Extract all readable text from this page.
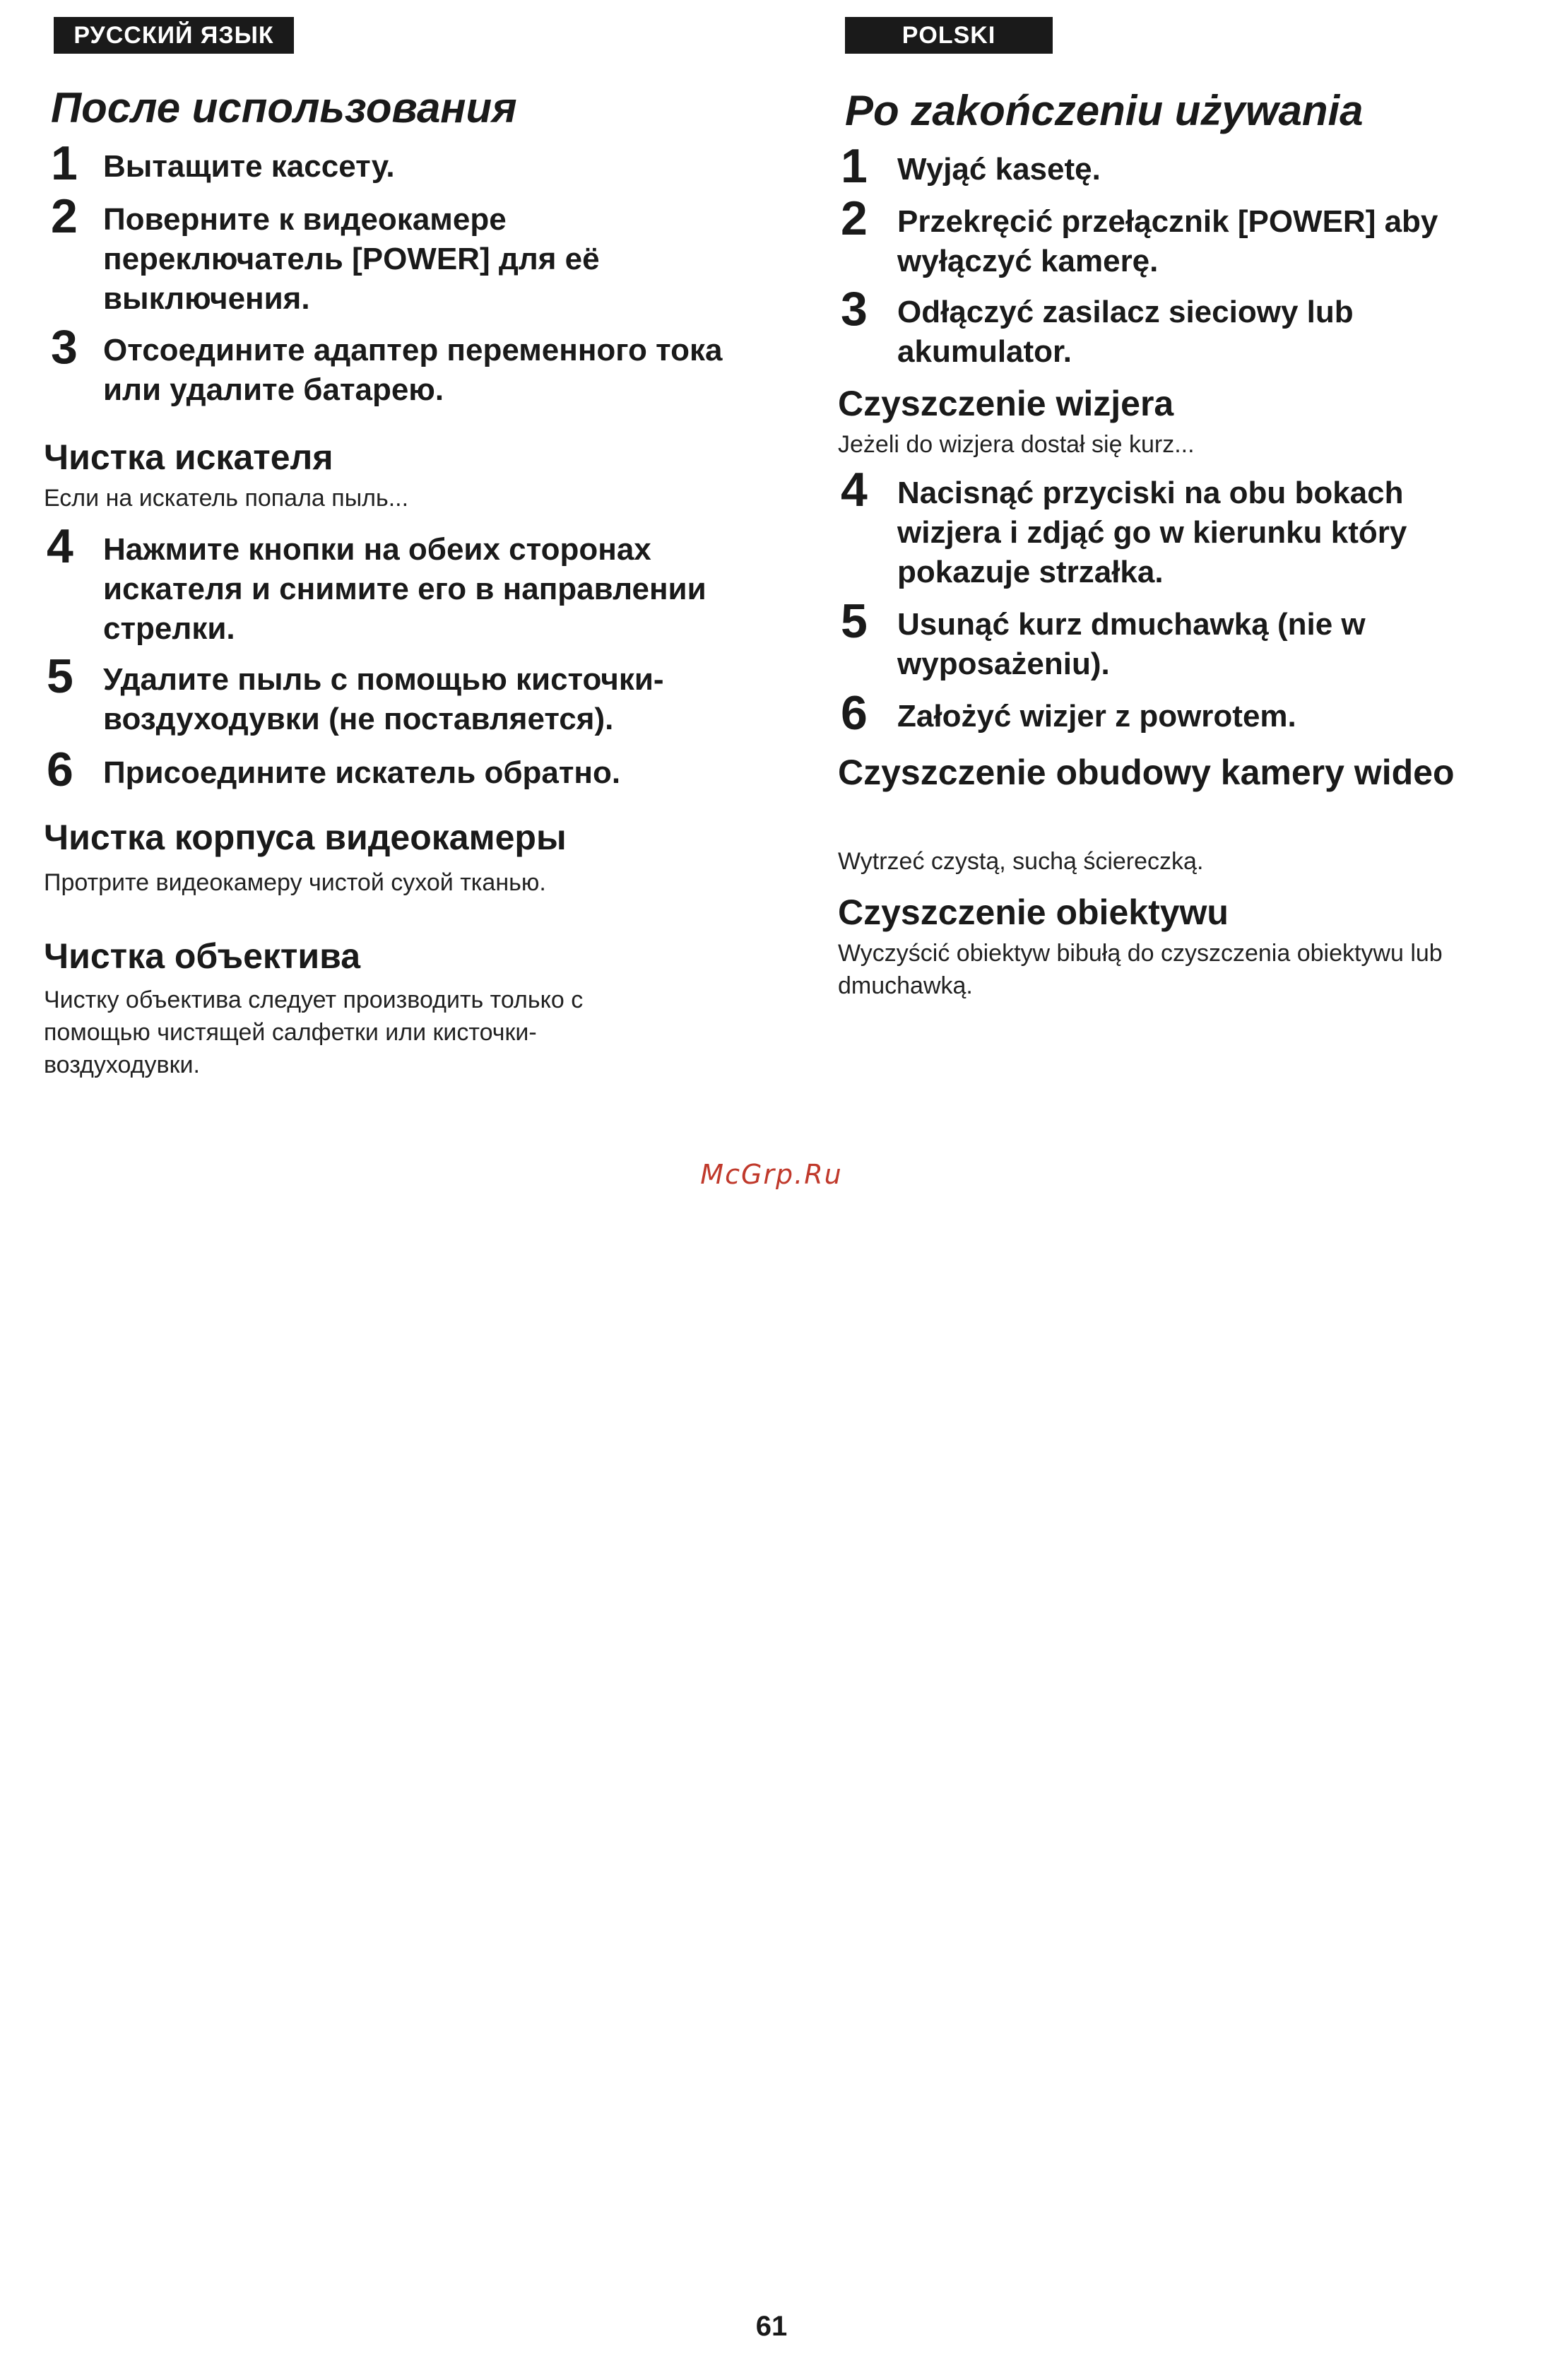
РУССКИЙ ЯЗЫК
После использования
1 Вытащите кассету.
2 Поверните к видеокамере переключатель [POWER] для её выключения.
3 Отсоедините адаптер переменного тока или удалите батарею.
Чистка искателя

Если на искатель попала пыль...

4 Нажмите кнопки на обеих сторонах искателя и снимите его в направлении стрелки.
5 Удалите пыль с помощью кисточки-воздуходувки (не поставляется).
6 Присоедините искатель обратно.
Чистка корпуса видеокамеры

Протрите видеокамеру чистой сухой тканью.

Чистка объектива

Чистку объектива следует производить только с помощью чистящей салфетки или кисточки-воздуходувки.

POLSKI
Po zakończeniu używania
1 Wyjąć kasetę.
2 Przekręcić przełącznik [POWER] aby wyłączyć kamerę.
3 Odłączyć zasilacz sieciowy lub akumulator.
Czyszczenie wizjera

Jeżeli do wizjera dostał się kurz...

4 Nacisnąć przyciski na obu bokach wizjera i zdjąć go w kierunku który pokazuje strzałka.
5 Usunąć kurz dmuchawką (nie w wyposażeniu).
6 Założyć wizjer z powrotem.
Czyszczenie obudowy kamery wideo

Wytrzeć czystą, suchą ściereczką.

Czyszczenie obiektywu

Wyczyścić obiektyw bibułą do czyszczenia obiektywu lub dmuchawką.

McGrp.Ru
61
